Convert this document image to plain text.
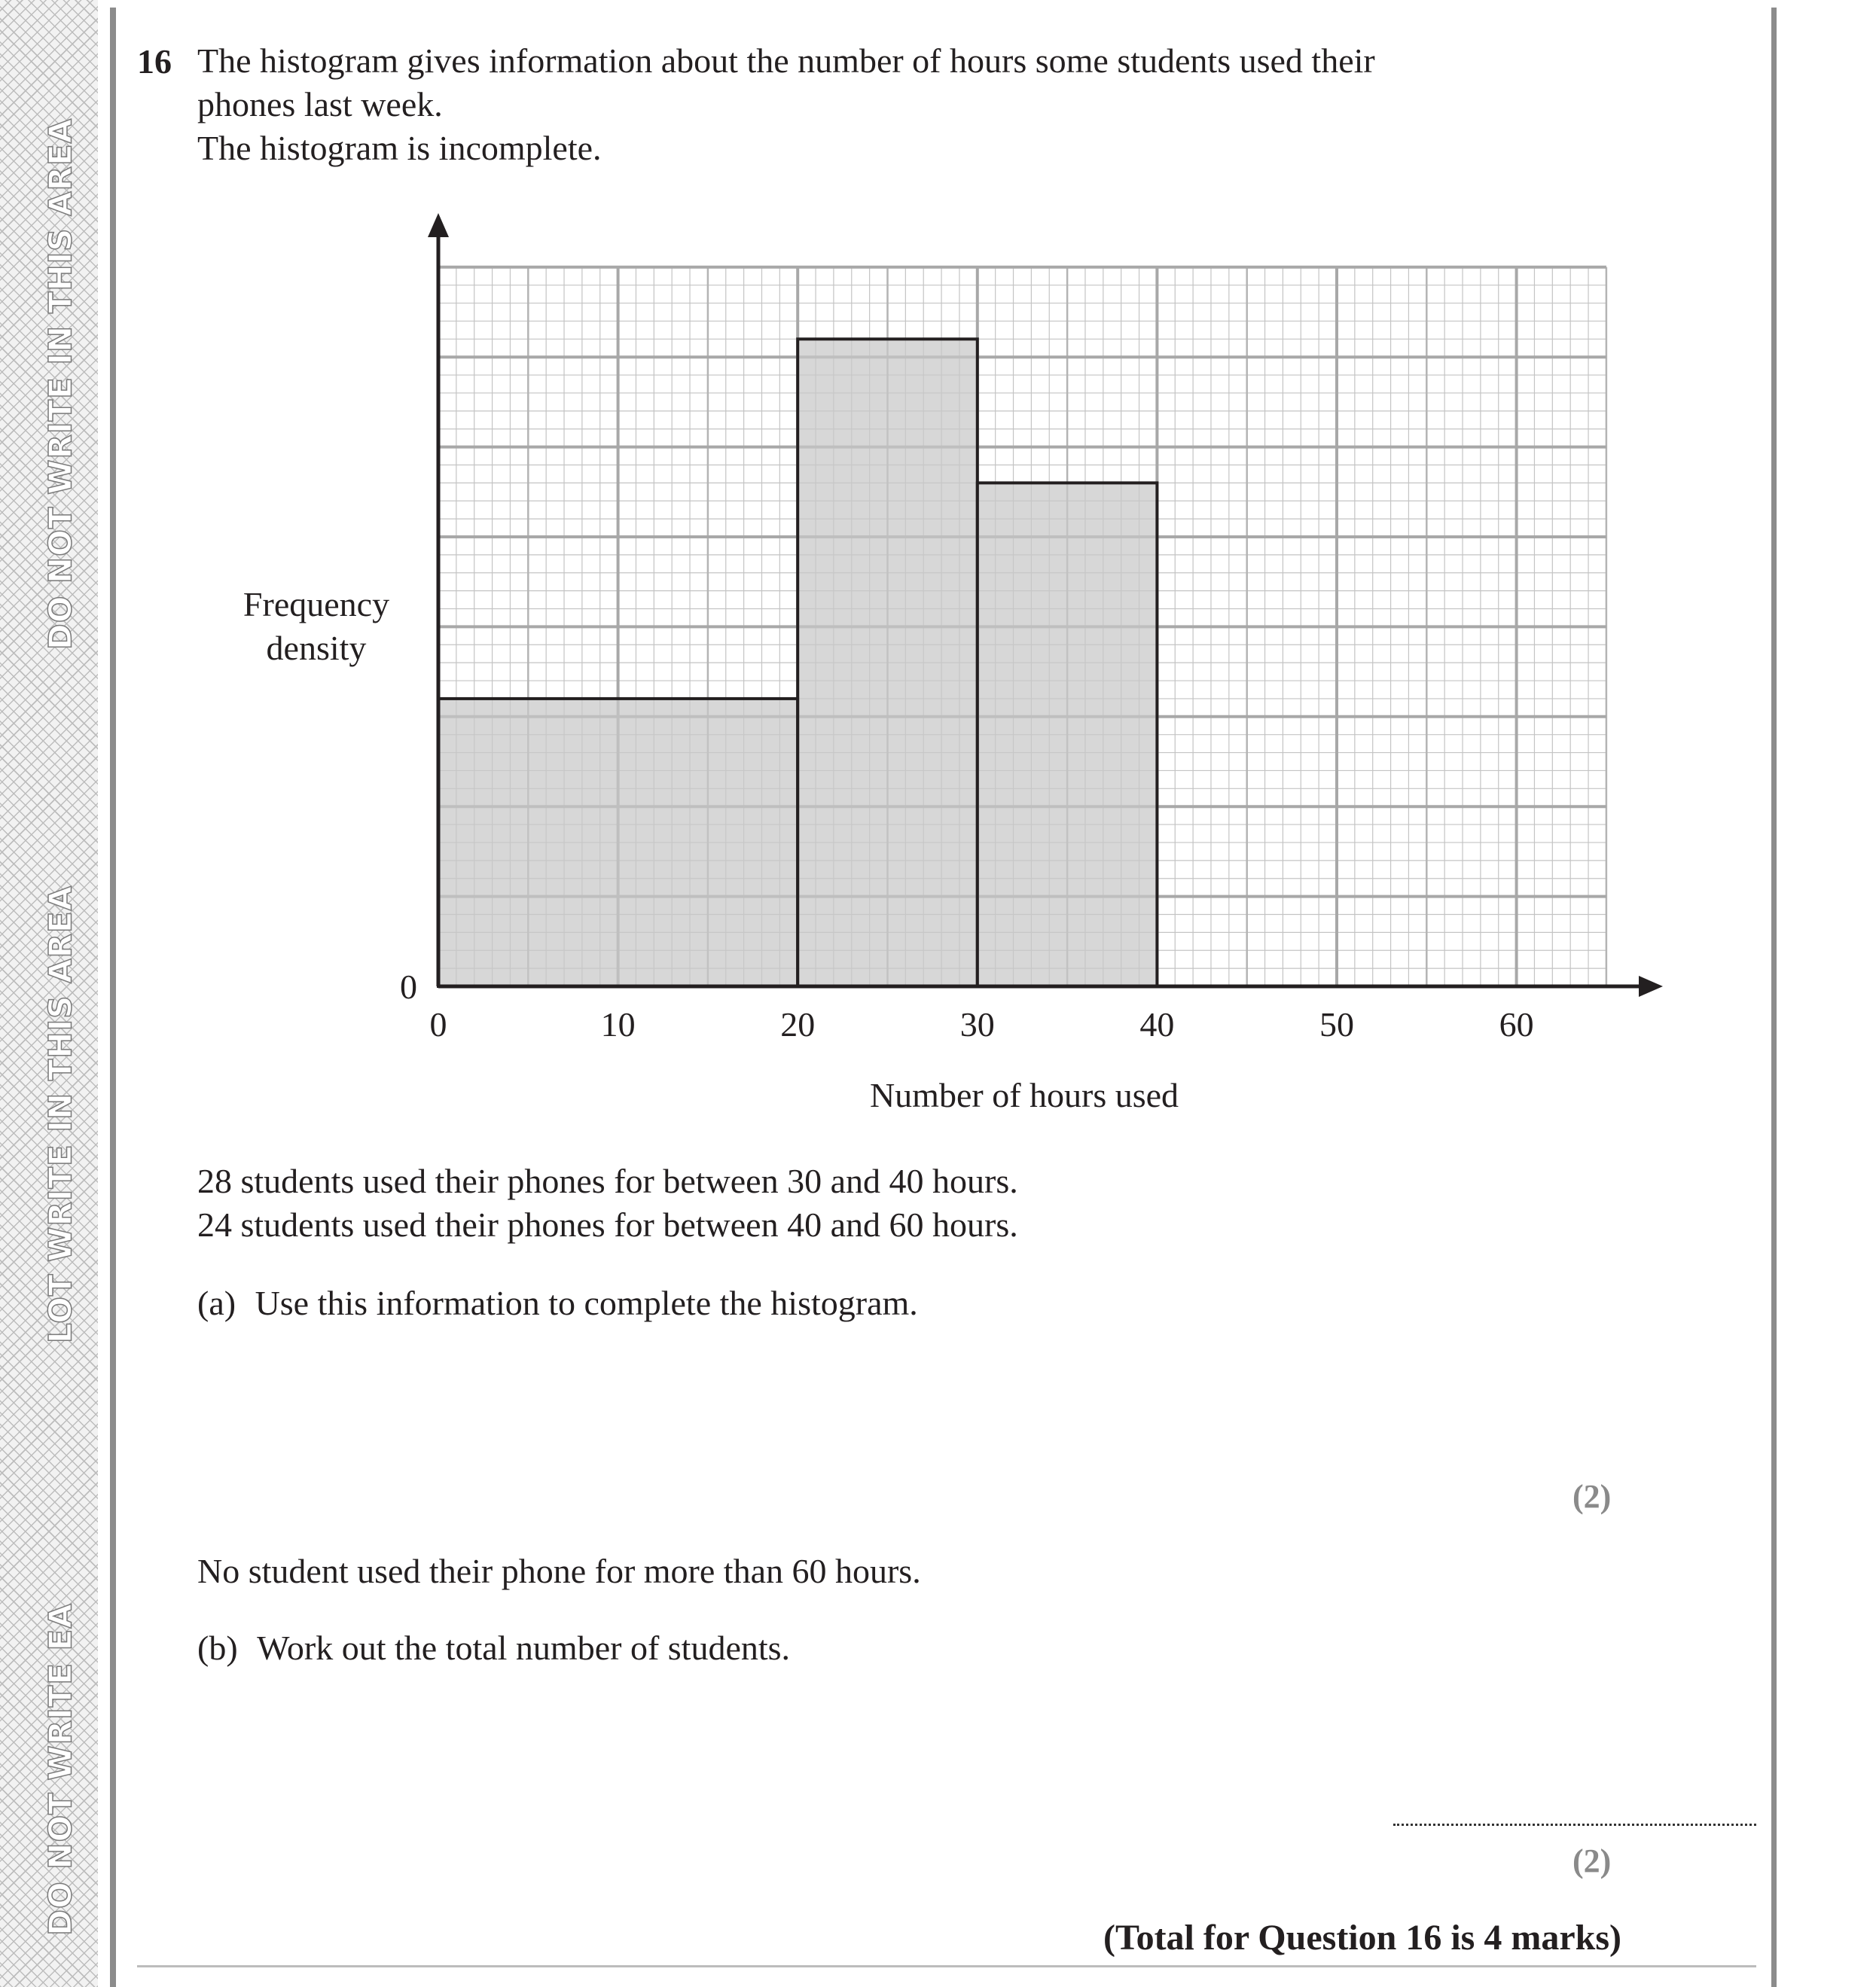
DO NOT WRITE IN THIS AREA
LOT WRITE IN THIS AREA
DO NOT WRITE EA
16 The histogram gives information about the number of hours some students used their
phones last week.
The histogram is incomplete.
0	10	20	30	40	50	60
0
Frequency
density
Number of hours used
28 students used their phones for between 30 and 40 hours.
24 students used their phones for between 40 and 60 hours.
(a) Use this information to complete the histogram.
(2)
No student used their phone for more than 60 hours.
(b) Work out the total number of students.
(2)
(Total for Question 16 is 4 marks)
